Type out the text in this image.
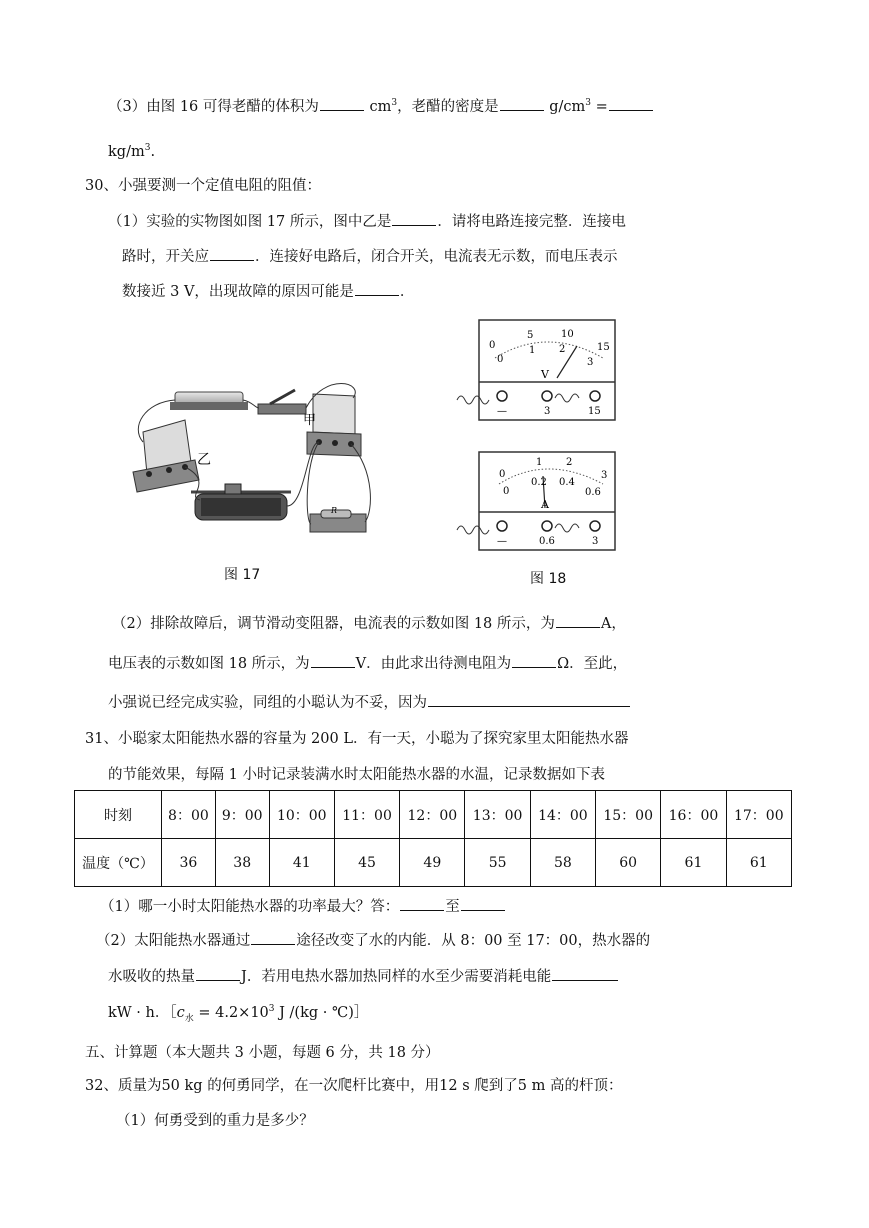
（3）由图 16 可得老醋的体积为	$cm^3$，老醋的密度是	$g/cm^3$ =
$kg/m^3$.
30、小强要测一个定值电阻的阻值：
（1）实验的实物图如图 17 所示，图中乙是	．请将电路连接完整．连接电
路时，开关应	．连接好电路后，闭合开关，电流表无示数，而电压表示
数接近 3 V，出现故障的原因可能是	．
乙
甲
R
图 17
0
5	10
15
0
1 2
3
V
—	3	15
0
1 2
3
0
0.2 0.4
0.6
A
—	0.6	3
图 18
（2）排除故障后，调节滑动变阻器，电流表的示数如图 18 所示，为	A，
电压表的示数如图 18 所示，为	V．由此求出待测电阻为	Ω．至此，
小强说已经完成实验，同组的小聪认为不妥，因为
31、小聪家太阳能热水器的容量为 200 L．有一天，小聪为了探究家里太阳能热水器
的节能效果，每隔 1 小时记录装满水时太阳能热水器的水温，记录数据如下表
时刻	8：00	9：00	10：00	11：00	12：00	13：00	14：00	15：00	16：00	17：00
温度（℃）	36	38	41	45	49	55	58	60	61	61
（1）哪一小时太阳能热水器的功率最大？答：	至
（2）太阳能热水器通过	途径改变了水的内能．从 8：00 至 17：00，热水器的
水吸收的热量	J．若用电热水器加热同样的水至少需要消耗电能
kW · h．$[c_水 = 4.2\times 10^3$ J /(kg · ℃)］
五、计算题（本大题共 3 小题，每题 6 分，共 18 分）
32、质量为50 kg 的何勇同学，在一次爬杆比赛中，用12 s 爬到了5 m 高的杆顶：
（1）何勇受到的重力是多少？
